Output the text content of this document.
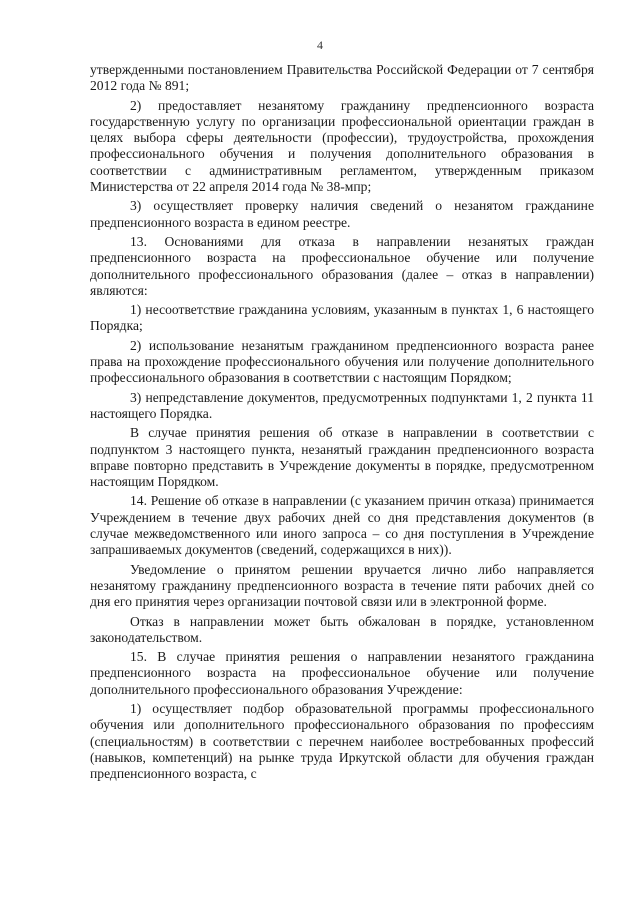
4

утвержденными постановлением Правительства Российской Федерации от 7 сентября 2012 года № 891;

2) предоставляет незанятому гражданину предпенсионного возраста государственную услугу по организации профессиональной ориентации граждан в целях выбора сферы деятельности (профессии), трудоустройства, прохождения профессионального обучения и получения дополнительного образования в соответствии с административным регламентом, утвержденным приказом Министерства от 22 апреля 2014 года № 38-мпр;

3) осуществляет проверку наличия сведений о незанятом гражданине предпенсионного возраста в едином реестре.

13. Основаниями для отказа в направлении незанятых граждан предпенсионного возраста на профессиональное обучение или получение дополнительного профессионального образования (далее – отказ в направлении) являются:

1) несоответствие гражданина условиям, указанным в пунктах 1, 6 настоящего Порядка;

2) использование незанятым гражданином предпенсионного возраста ранее права на прохождение профессионального обучения или получение дополнительного профессионального образования в соответствии с настоящим Порядком;

3) непредставление документов, предусмотренных подпунктами 1, 2 пункта 11 настоящего Порядка.

В случае принятия решения об отказе в направлении в соответствии с подпунктом 3 настоящего пункта, незанятый гражданин предпенсионного возраста вправе повторно представить в Учреждение документы в порядке, предусмотренном настоящим Порядком.

14. Решение об отказе в направлении (с указанием причин отказа) принимается Учреждением в течение двух рабочих дней со дня представления документов (в случае межведомственного или иного запроса – со дня поступления в Учреждение запрашиваемых документов (сведений, содержащихся в них)).

Уведомление о принятом решении вручается лично либо направляется незанятому гражданину предпенсионного возраста в течение пяти рабочих дней со дня его принятия через организации почтовой связи или в электронной форме.

Отказ в направлении может быть обжалован в порядке, установленном законодательством.

15. В случае принятия решения о направлении незанятого гражданина предпенсионного возраста на профессиональное обучение или получение дополнительного профессионального образования Учреждение:

1) осуществляет подбор образовательной программы профессионального обучения или дополнительного профессионального образования по профессиям (специальностям) в соответствии с перечнем наиболее востребованных профессий (навыков, компетенций) на рынке труда Иркутской области для обучения граждан предпенсионного возраста, с
